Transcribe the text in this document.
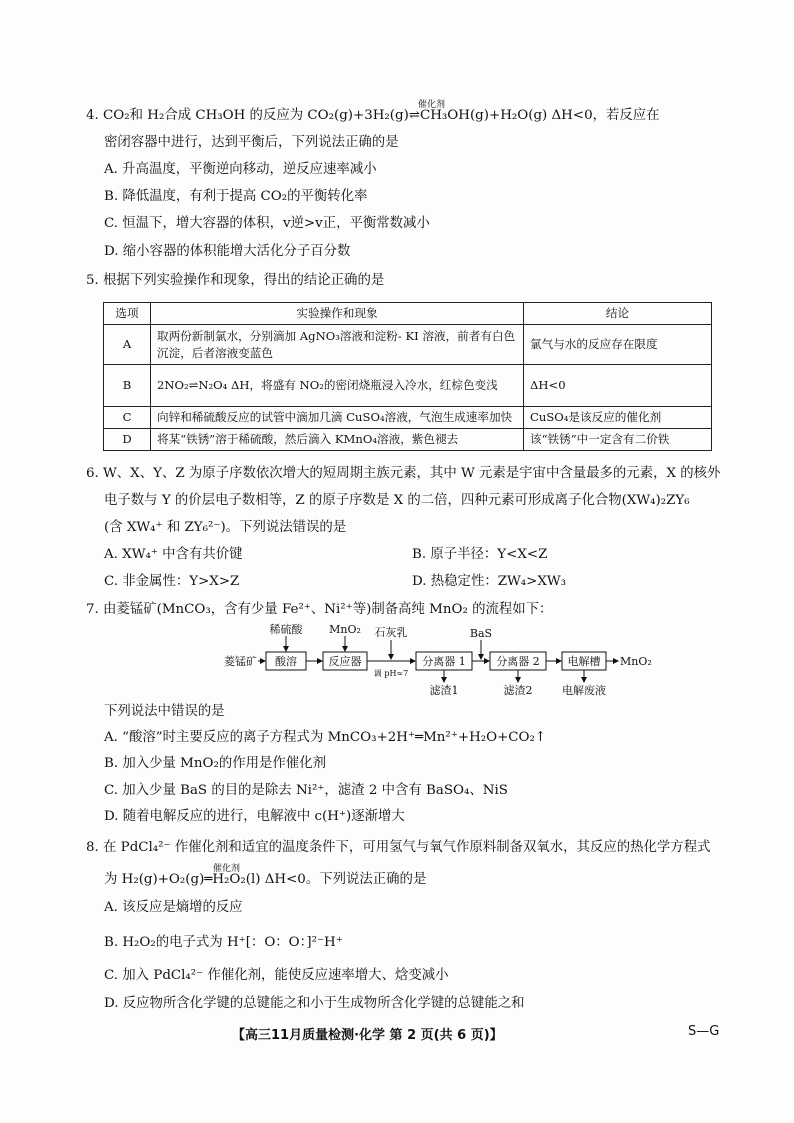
4. CO₂和 H₂合成 CH₃OH 的反应为 CO₂(g)+3H₂(g)⇌CH₃OH(g)+H₂O(g) ΔH<0，若反应在
催化剂
密闭容器中进行，达到平衡后，下列说法正确的是
A. 升高温度，平衡逆向移动，逆反应速率减小
B. 降低温度，有利于提高 CO₂的平衡转化率
C. 恒温下，增大容器的体积，v逆>v正，平衡常数减小
D. 缩小容器的体积能增大活化分子百分数
5. 根据下列实验操作和现象，得出的结论正确的是
选项	实验操作和现象	结论
A	取两份新制氯水，分别滴加 AgNO₃溶液和淀粉- KI 溶液，前者有白色沉淀，后者溶液变蓝色	氯气与水的反应存在限度
B	2NO₂⇌N₂O₄ ΔH，将盛有 NO₂的密闭烧瓶浸入冷水，红棕色变浅	ΔH<0
C	向锌和稀硫酸反应的试管中滴加几滴 CuSO₄溶液，气泡生成速率加快	CuSO₄是该反应的催化剂
D	将某“铁锈”溶于稀硫酸，然后滴入 KMnO₄溶液，紫色褪去	该“铁锈”中一定含有二价铁
6. W、X、Y、Z 为原子序数依次增大的短周期主族元素，其中 W 元素是宇宙中含量最多的元素，X 的核外
电子数与 Y 的价层电子数相等，Z 的原子序数是 X 的二倍，四种元素可形成离子化合物(XW₄)₂ZY₆
(含 XW₄⁺ 和 ZY₆²⁻)。下列说法错误的是
A. XW₄⁺ 中含有共价键	B. 原子半径：Y<X<Z
C. 非金属性：Y>X>Z	D. 热稳定性：ZW₄>XW₃
7. 由菱锰矿(MnCO₃，含有少量 Fe²⁺、Ni²⁺等)制备高纯 MnO₂ 的流程如下：
酸溶	反应器	分离器 1	分离器 2	电解槽
菱锰矿	MnO₂
稀硫酸 MnO₂ 石灰乳
调 pH≈7
BaS
滤渣1	滤渣2	电解废液
下列说法中错误的是
A. “酸溶”时主要反应的离子方程式为 MnCO₃+2H⁺═Mn²⁺+H₂O+CO₂↑
B. 加入少量 MnO₂的作用是作催化剂
C. 加入少量 BaS 的目的是除去 Ni²⁺，滤渣 2 中含有 BaSO₄、NiS
D. 随着电解反应的进行，电解液中 c(H⁺)逐渐增大
8. 在 PdCl₄²⁻ 作催化剂和适宜的温度条件下，可用氢气与氧气作原料制备双氧水，其反应的热化学方程式
催化剂
为 H₂(g)+O₂(g)═H₂O₂(l) ΔH<0。下列说法正确的是
A. 该反应是熵增的反应
B. H₂O₂的电子式为 H⁺[：O：O：]²⁻H⁺
C. 加入 PdCl₄²⁻ 作催化剂，能使反应速率增大、焓变减小
D. 反应物所含化学键的总键能之和小于生成物所含化学键的总键能之和
【高三11月质量检测·化学 第 2 页(共 6 页)】	S—G
